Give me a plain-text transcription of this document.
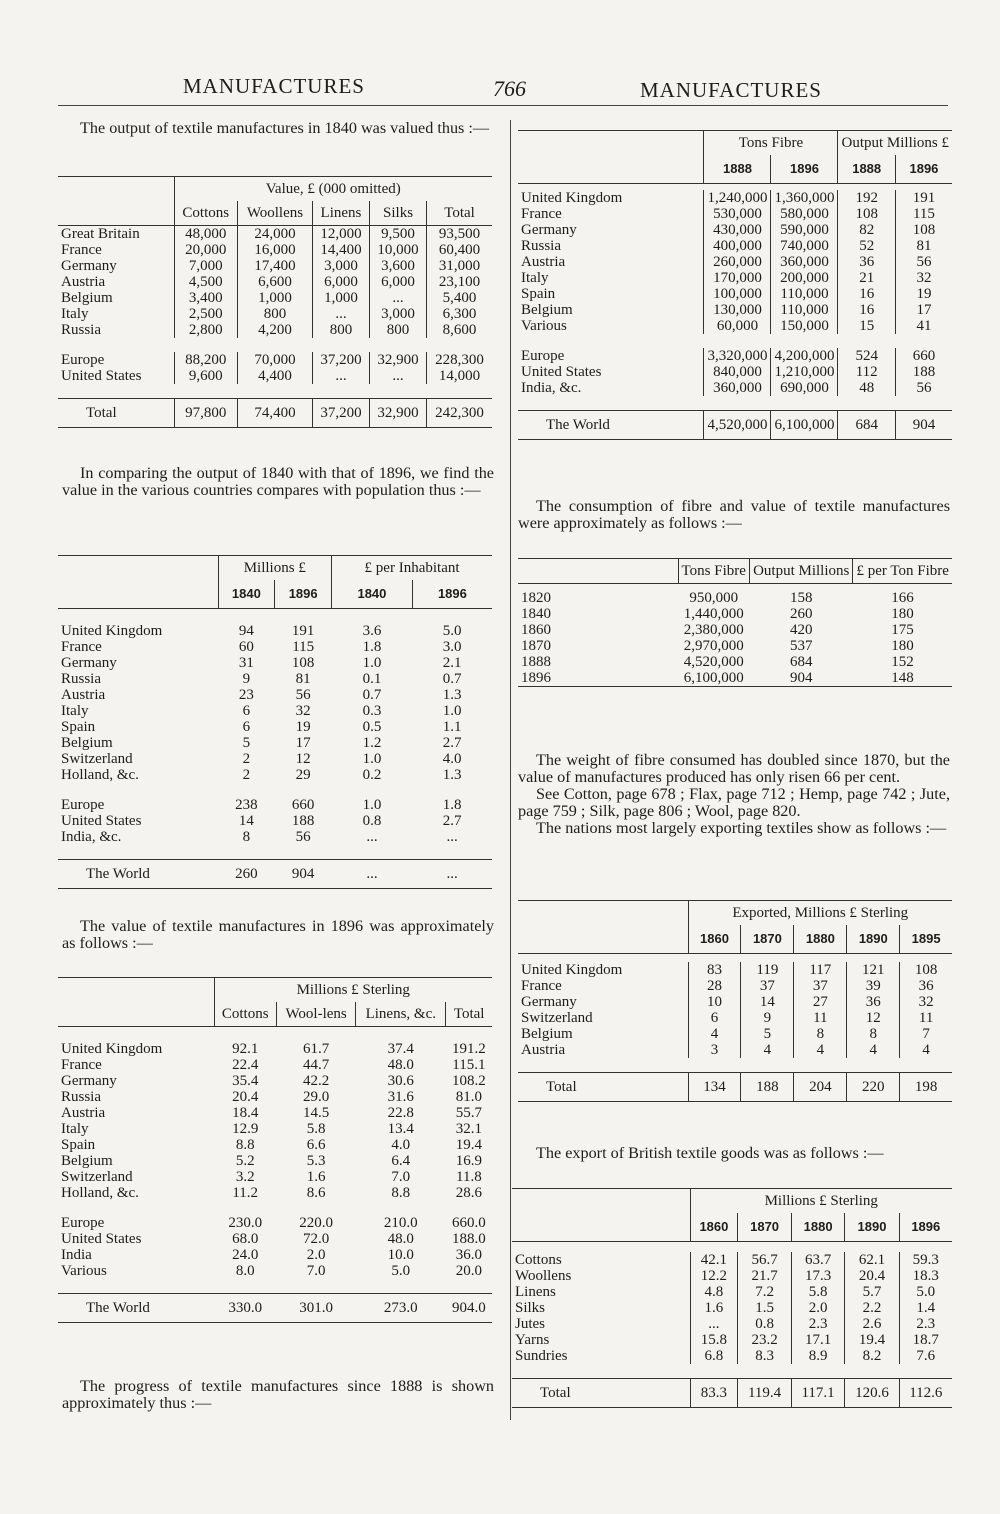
MANUFACTURES	766	MANUFACTURES

The output of textile manufactures in 1840 was valued thus :—

	Value, £ (000 omitted)				
	Cottons	Woollens	Linens	Silks	Total
Great Britain	48,000	24,000	12,000	9,500	93,500
France	20,000	16,000	14,400	10,000	60,400
Germany	7,000	17,400	3,000	3,600	31,000
Austria	4,500	6,600	6,000	6,000	23,100
Belgium	3,400	1,000	1,000	...	5,400
Italy	2,500	800	...	3,000	6,300
Russia	2,800	4,200	800	800	8,600

Europe	88,200	70,000	37,200	32,900	228,300
United States	9,600	4,400	...	...	14,000

Total	97,800	74,400	37,200	32,900	242,300

In comparing the output of 1840 with that of 1896, we find the value in the various countries compares with population thus :—

	Millions £		£ per Inhabitant	
	1840	1896	1840	1896

United Kingdom	94	191	3.6	5.0
France	60	115	1.8	3.0
Germany	31	108	1.0	2.1
Russia	9	81	0.1	0.7
Austria	23	56	0.7	1.3
Italy	6	32	0.3	1.0
Spain	6	19	0.5	1.1
Belgium	5	17	1.2	2.7
Switzerland	2	12	1.0	4.0
Holland, &c.	2	29	0.2	1.3

Europe	238	660	1.0	1.8
United States	14	188	0.8	2.7
India, &c.	8	56	...	...

The World	260	904	...	...

The value of textile manufactures in 1896 was approximately as follows :—

	Millions £ Sterling			
	Cottons	Wool-lens	Linens, &c.	Total

United Kingdom	92.1	61.7	37.4	191.2
France	22.4	44.7	48.0	115.1
Germany	35.4	42.2	30.6	108.2
Russia	20.4	29.0	31.6	81.0
Austria	18.4	14.5	22.8	55.7
Italy	12.9	5.8	13.4	32.1
Spain	8.8	6.6	4.0	19.4
Belgium	5.2	5.3	6.4	16.9
Switzerland	3.2	1.6	7.0	11.8
Holland, &c.	11.2	8.6	8.8	28.6

Europe	230.0	220.0	210.0	660.0
United States	68.0	72.0	48.0	188.0
India	24.0	2.0	10.0	36.0
Various	8.0	7.0	5.0	20.0

The World	330.0	301.0	273.0	904.0

The progress of textile manufactures since 1888 is shown approximately thus :—

	Tons Fibre		Output Millions £	
	1888	1896	1888	1896

United Kingdom	1,240,000	1,360,000	192	191
France	530,000	580,000	108	115
Germany	430,000	590,000	82	108
Russia	400,000	740,000	52	81
Austria	260,000	360,000	36	56
Italy	170,000	200,000	21	32
Spain	100,000	110,000	16	19
Belgium	130,000	110,000	16	17
Various	60,000	150,000	15	41

Europe	3,320,000	4,200,000	524	660
United States	840,000	1,210,000	112	188
India, &c.	360,000	690,000	48	56

The World	4,520,000	6,100,000	684	904

The consumption of fibre and value of textile manufactures were approximately as follows :—

	Tons Fibre	Output Millions	£ per Ton Fibre

1820	950,000	158	166
1840	1,440,000	260	180
1860	2,380,000	420	175
1870	2,970,000	537	180
1888	4,520,000	684	152
1896	6,100,000	904	148

The weight of fibre consumed has doubled since 1870, but the value of manufactures produced has only risen 66 per cent.

See Cotton, page 678 ; Flax, page 712 ; Hemp, page 742 ; Jute, page 759 ; Silk, page 806 ; Wool, page 820.

The nations most largely exporting textiles show as follows :—

	Exported, Millions £ Sterling				
	1860	1870	1880	1890	1895

United Kingdom	83	119	117	121	108
France	28	37	37	39	36
Germany	10	14	27	36	32
Switzerland	6	9	11	12	11
Belgium	4	5	8	8	7
Austria	3	4	4	4	4

Total	134	188	204	220	198

The export of British textile goods was as follows :—

	Millions £ Sterling				
	1860	1870	1880	1890	1896

Cottons	42.1	56.7	63.7	62.1	59.3
Woollens	12.2	21.7	17.3	20.4	18.3
Linens	4.8	7.2	5.8	5.7	5.0
Silks	1.6	1.5	2.0	2.2	1.4
Jutes	...	0.8	2.3	2.6	2.3
Yarns	15.8	23.2	17.1	19.4	18.7
Sundries	6.8	8.3	8.9	8.2	7.6

Total	83.3	119.4	117.1	120.6	112.6
